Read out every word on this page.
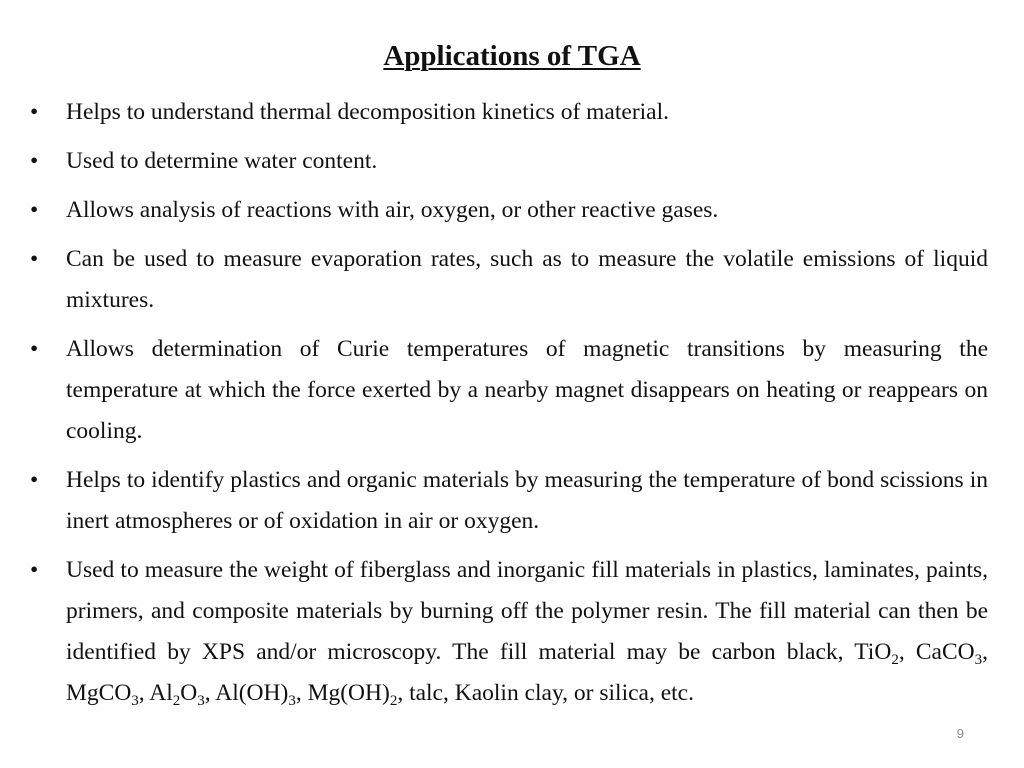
Applications of TGA
•	Helps to understand thermal decomposition kinetics of material.
•	Used to determine water content.
•	Allows analysis of reactions with air, oxygen, or other reactive gases.
•	Can be used to measure evaporation rates, such as to measure the volatile emissions of liquid mixtures.
•	Allows determination of Curie temperatures of magnetic transitions by measuring the temperature at which the force exerted by a nearby magnet disappears on heating or reappears on cooling.
•	Helps to identify plastics and organic materials by measuring the temperature of bond scissions in inert atmospheres or of oxidation in air or oxygen.
•	Used to measure the weight of fiberglass and inorganic fill materials in plastics, laminates, paints, primers, and composite materials by burning off the polymer resin. The fill material can then be identified by XPS and/or microscopy. The fill material may be carbon black, TiO$_2$, CaCO$_3$, MgCO$_3$, $Al_2O_3$, $Al(OH)_3$, $Mg(OH)_2$, talc, Kaolin clay, or silica, etc.
9
